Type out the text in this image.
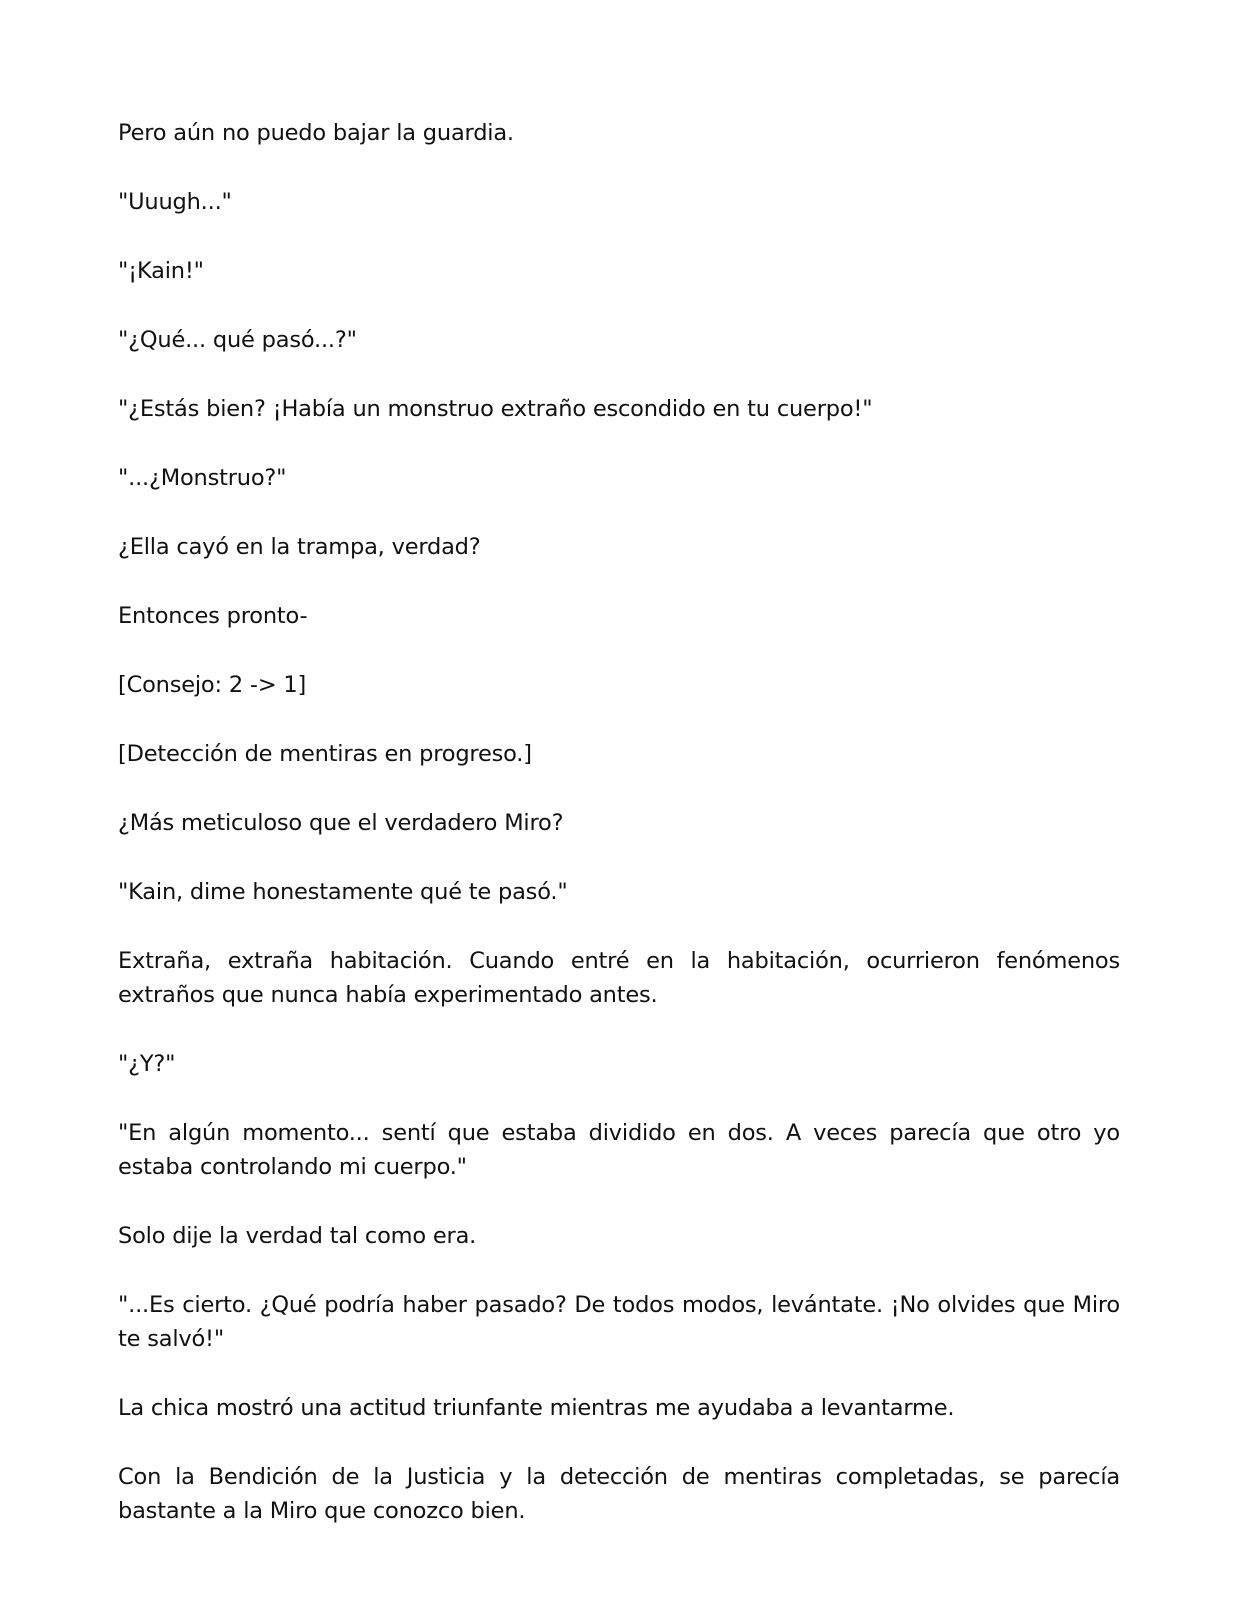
Pero aún no puedo bajar la guardia.

"Uuugh..."

"¡Kain!"

"¿Qué... qué pasó...?"

"¿Estás bien? ¡Había un monstruo extraño escondido en tu cuerpo!"

"...¿Monstruo?"

¿Ella cayó en la trampa, verdad?

Entonces pronto-

[Consejo: 2 -> 1]

[Detección de mentiras en progreso.]

¿Más meticuloso que el verdadero Miro?

"Kain, dime honestamente qué te pasó."

Extraña, extraña habitación. Cuando entré en la habitación, ocurrieron fenómenos extraños que nunca había experimentado antes.

"¿Y?"

"En algún momento... sentí que estaba dividido en dos. A veces parecía que otro yo estaba controlando mi cuerpo."

Solo dije la verdad tal como era.

"...Es cierto. ¿Qué podría haber pasado? De todos modos, levántate. ¡No olvides que Miro te salvó!"

La chica mostró una actitud triunfante mientras me ayudaba a levantarme.

Con la Bendición de la Justicia y la detección de mentiras completadas, se parecía bastante a la Miro que conozco bien.
